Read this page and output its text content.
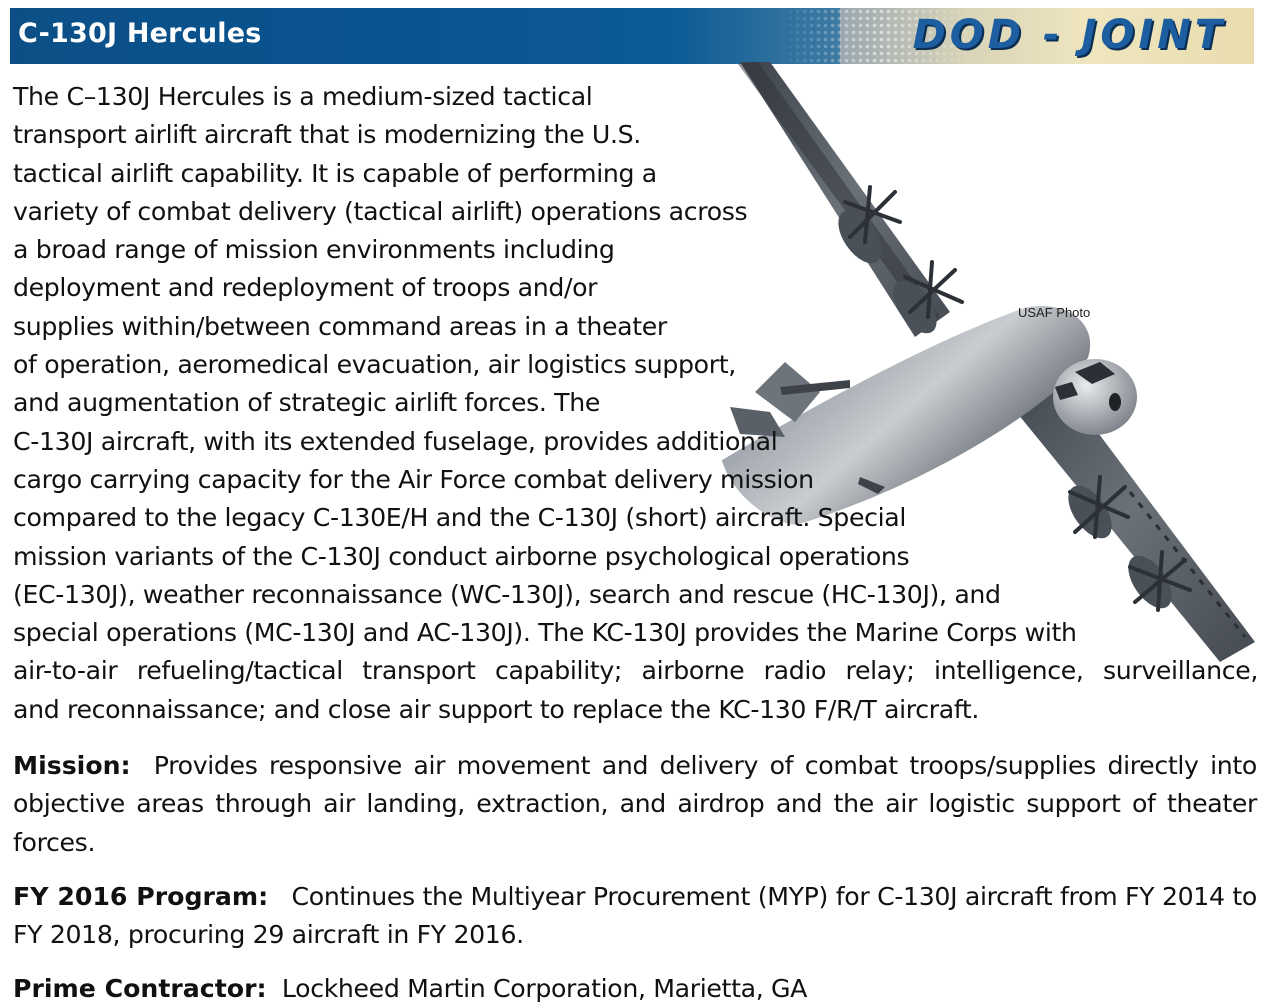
C-130J Hercules	DOD - JOINT
USAF Photo
The C–130J Hercules is a medium-sized tactical
transport airlift aircraft that is modernizing the U.S.
tactical airlift capability. It is capable of performing a
variety of combat delivery (tactical airlift) operations across
a broad range of mission environments including
deployment and redeployment of troops and/or
supplies within/between command areas in a theater
of operation, aeromedical evacuation, air logistics support,
and augmentation of strategic airlift forces. The
C-130J aircraft, with its extended fuselage, provides additional
cargo carrying capacity for the Air Force combat delivery mission
compared to the legacy C-130E/H and the C-130J (short) aircraft. Special
mission variants of the C-130J conduct airborne psychological operations
(EC-130J), weather reconnaissance (WC-130J), search and rescue (HC-130J), and
special operations (MC-130J and AC-130J). The KC-130J provides the Marine Corps with
air-to-air refueling/tactical transport capability; airborne radio relay; intelligence, surveillance,
and reconnaissance; and close air support to replace the KC-130 F/R/T aircraft.
Mission: Provides responsive air movement and delivery of combat troops/supplies directly into objective areas through air landing, extraction, and airdrop and the air logistic support of theater forces.
FY 2016 Program: Continues the Multiyear Procurement (MYP) for C-130J aircraft from FY 2014 to FY 2018, procuring 29 aircraft in FY 2016.
Prime Contractor: Lockheed Martin Corporation, Marietta, GA
